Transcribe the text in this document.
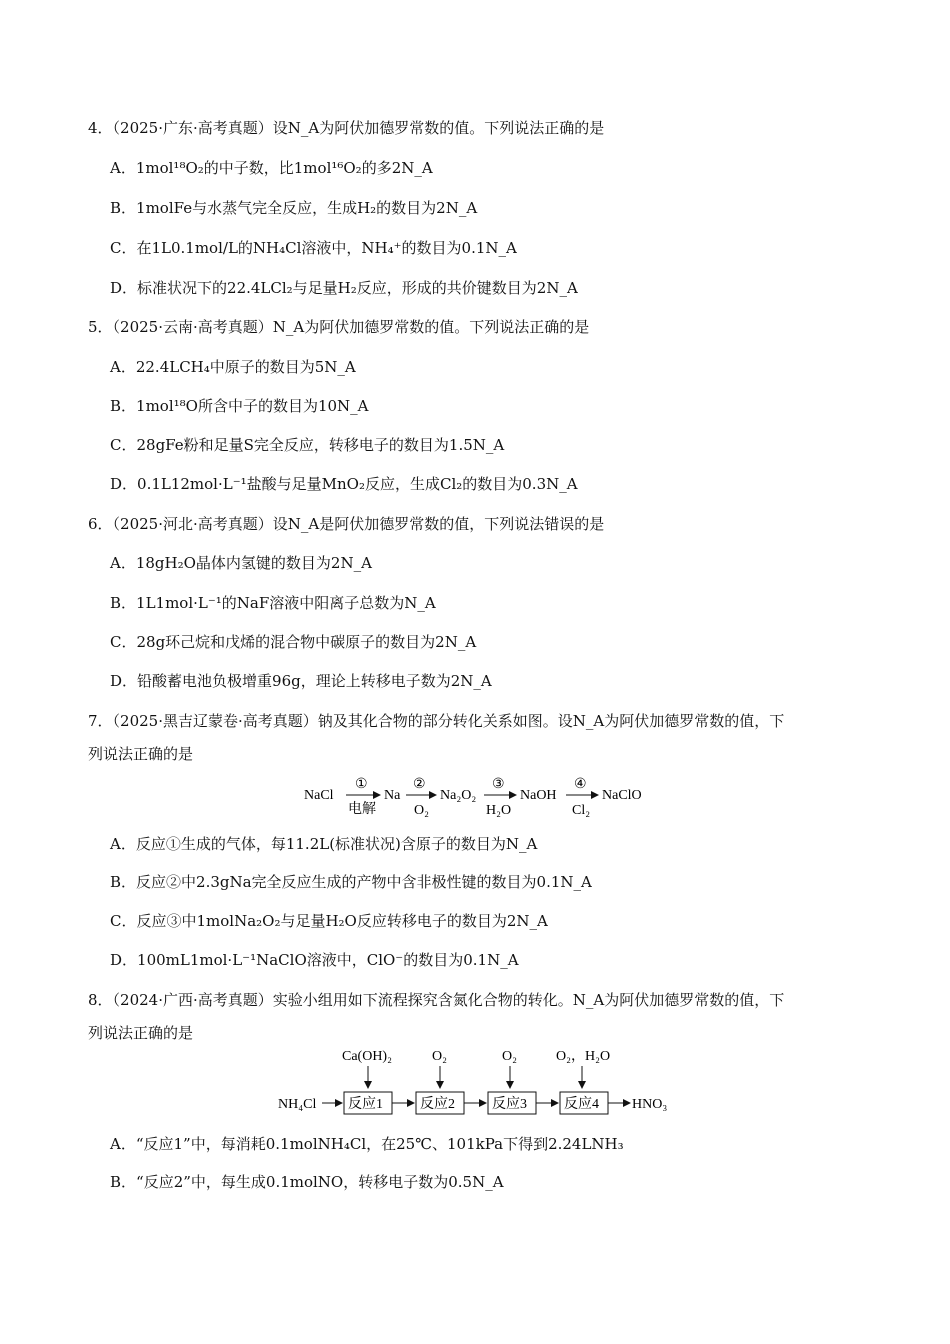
4．（2025·广东·高考真题）设N_A为阿伏加德罗常数的值。下列说法正确的是
A．1mol¹⁸O₂的中子数，比1mol¹⁶O₂的多2N_A
B．1molFe与水蒸气完全反应，生成H₂的数目为2N_A
C．在1L0.1mol/L的NH₄Cl溶液中，NH₄⁺的数目为0.1N_A
D．标准状况下的22.4LCl₂与足量H₂反应，形成的共价键数目为2N_A
5．（2025·云南·高考真题）N_A为阿伏加德罗常数的值。下列说法正确的是
A．22.4LCH₄中原子的数目为5N_A
B．1mol¹⁸O所含中子的数目为10N_A
C．28gFe粉和足量S完全反应，转移电子的数目为1.5N_A
D．0.1L12mol·L⁻¹盐酸与足量MnO₂反应，生成Cl₂的数目为0.3N_A
6．（2025·河北·高考真题）设N_A是阿伏加德罗常数的值，下列说法错误的是
A．18gH₂O晶体内氢键的数目为2N_A
B．1L1mol·L⁻¹的NaF溶液中阳离子总数为N_A
C．28g环己烷和戊烯的混合物中碳原子的数目为2N_A
D．铅酸蓄电池负极增重96g，理论上转移电子数为2N_A
7．（2025·黑吉辽蒙卷·高考真题）钠及其化合物的部分转化关系如图。设N_A为阿伏加德罗常数的值，下
列说法正确的是
NaCl
①
电解
Na
②
O₂
Na₂O₂
③
H₂O
NaOH
④
Cl₂
NaClO
A．反应①生成的气体，每11.2L(标准状况)含原子的数目为N_A
B．反应②中2.3gNa完全反应生成的产物中含非极性键的数目为0.1N_A
C．反应③中1molNa₂O₂与足量H₂O反应转移电子的数目为2N_A
D．100mL1mol·L⁻¹NaClO溶液中，ClO⁻的数目为0.1N_A
8．（2024·广西·高考真题）实验小组用如下流程探究含氮化合物的转化。N_A为阿伏加德罗常数的值，下
列说法正确的是
Ca(OH)₂	O₂	O₂	O₂，H₂O
NH₄Cl 反应1	反应2	反应3	反应4 HNO₃
A．“反应1”中，每消耗0.1molNH₄Cl，在25℃、101kPa下得到2.24LNH₃
B．“反应2”中，每生成0.1molNO，转移电子数为0.5N_A
